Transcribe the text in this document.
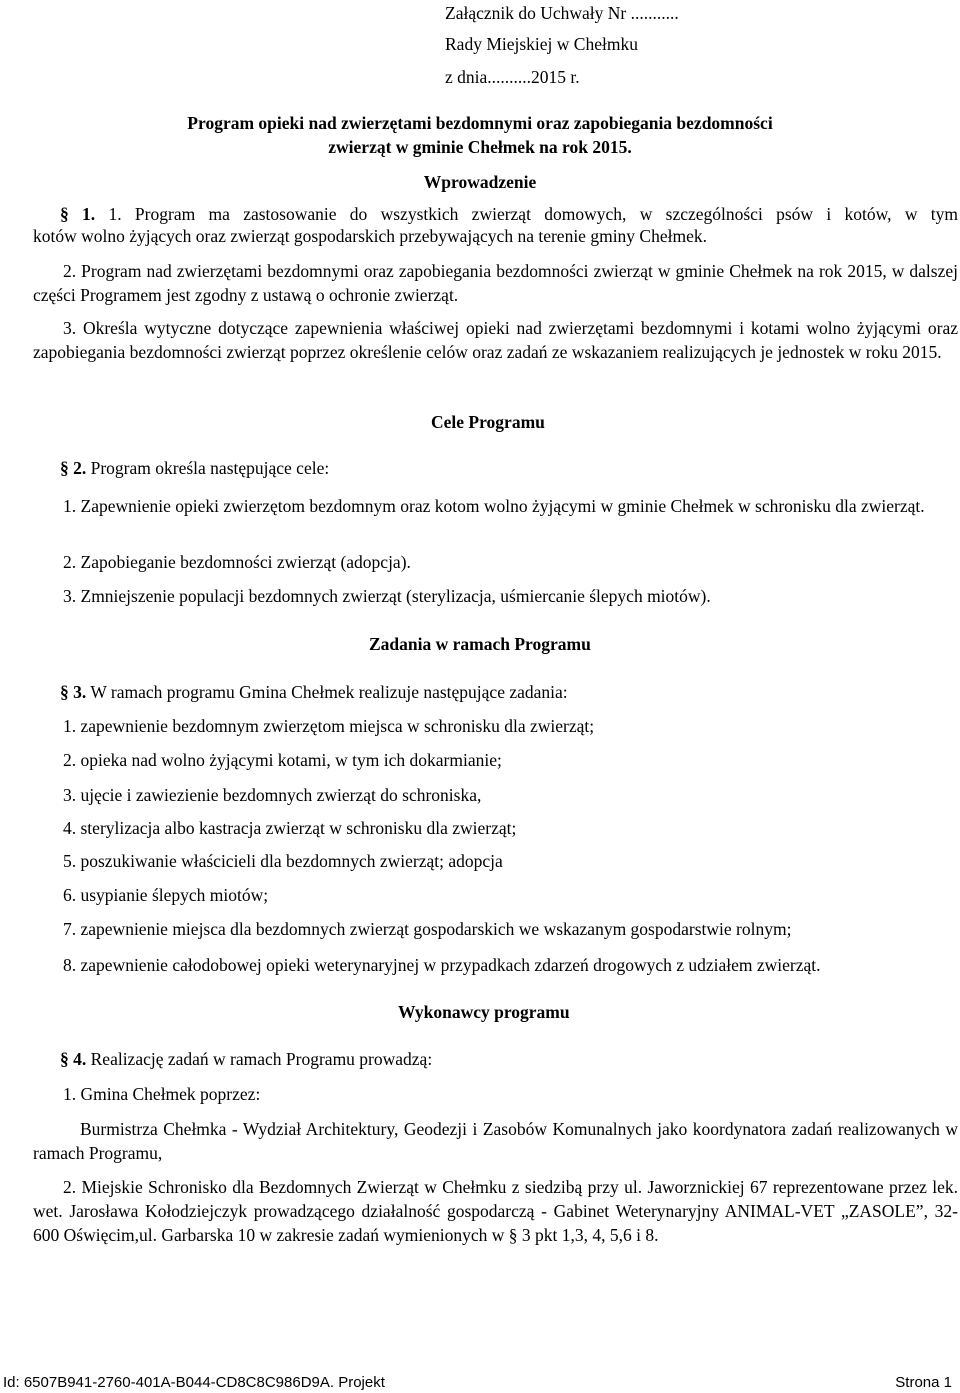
Załącznik do Uchwały Nr ...........
Rady Miejskiej w Chełmku
z dnia..........2015 r.
Program opieki nad zwierzętami bezdomnymi oraz zapobiegania bezdomności
zwierząt w gminie Chełmek na rok 2015.
Wprowadzenie
§ 1. 1. Program ma zastosowanie do wszystkich zwierząt domowych, w szczególności psów i kotów, w tym
kotów wolno żyjących oraz zwierząt gospodarskich przebywających na terenie gminy Chełmek.
2. Program nad zwierzętami bezdomnymi oraz zapobiegania bezdomności zwierząt w gminie Chełmek na rok 2015, w dalszej części Programem jest zgodny z ustawą o ochronie zwierząt.
3. Określa wytyczne dotyczące zapewnienia właściwej opieki nad zwierzętami bezdomnymi i kotami wolno żyjącymi oraz zapobiegania bezdomności zwierząt poprzez określenie celów oraz zadań ze wskazaniem realizujących je jednostek w roku 2015.
Cele Programu
§ 2. Program określa następujące cele:
1. Zapewnienie opieki zwierzętom bezdomnym oraz kotom wolno żyjącymi w gminie Chełmek w schronisku dla zwierząt.
2. Zapobieganie bezdomności zwierząt (adopcja).
3. Zmniejszenie populacji bezdomnych zwierząt (sterylizacja, uśmiercanie ślepych miotów).
Zadania w ramach Programu
§ 3. W ramach programu Gmina Chełmek realizuje następujące zadania:
1. zapewnienie bezdomnym zwierzętom miejsca w schronisku dla zwierząt;
2. opieka nad wolno żyjącymi kotami, w tym ich dokarmianie;
3. ujęcie i zawiezienie bezdomnych zwierząt do schroniska,
4. sterylizacja albo kastracja zwierząt w schronisku dla zwierząt;
5. poszukiwanie właścicieli dla bezdomnych zwierząt; adopcja
6. usypianie ślepych miotów;
7. zapewnienie miejsca dla bezdomnych zwierząt gospodarskich we wskazanym gospodarstwie rolnym;
8. zapewnienie całodobowej opieki weterynaryjnej w przypadkach zdarzeń drogowych z udziałem zwierząt.
Wykonawcy programu
§ 4. Realizację zadań w ramach Programu prowadzą:
1. Gmina Chełmek poprzez:
Burmistrza Chełmka - Wydział Architektury, Geodezji i Zasobów Komunalnych jako koordynatora zadań realizowanych w ramach Programu,
2. Miejskie Schronisko dla Bezdomnych Zwierząt w Chełmku z siedzibą przy ul. Jaworznickiej 67 reprezentowane przez lek. wet. Jarosława Kołodziejczyk prowadzącego działalność gospodarczą - Gabinet Weterynaryjny ANIMAL-VET „ZASOLE”, 32-600 Oświęcim,ul. Garbarska 10 w zakresie zadań wymienionych w § 3 pkt 1,3, 4, 5,6 i 8.
Id: 6507B941-2760-401A-B044-CD8C8C986D9A. Projekt	Strona 1
